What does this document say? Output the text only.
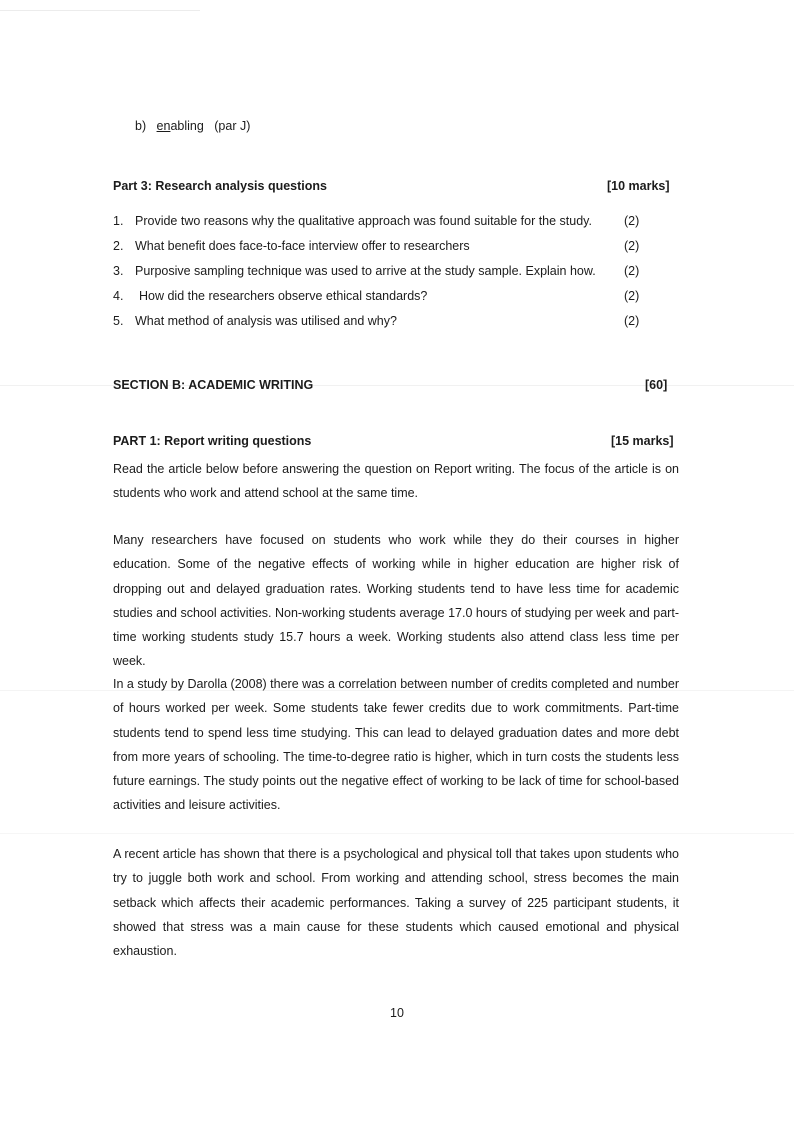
b) enabling (par J)
Part 3: Research analysis questions	[10 marks]
1. Provide two reasons why the qualitative approach was found suitable for the study.	(2)
2. What benefit does face-to-face interview offer to researchers	(2)
3. Purposive sampling technique was used to arrive at the study sample. Explain how. (2)
4. How did the researchers observe ethical standards?	(2)
5. What method of analysis was utilised and why?	(2)
SECTION B: ACADEMIC WRITING	[60]
PART 1: Report writing questions	[15 marks]
Read the article below before answering the question on Report writing. The focus of the article is on students who work and attend school at the same time.
Many researchers have focused on students who work while they do their courses in higher education. Some of the negative effects of working while in higher education are higher risk of dropping out and delayed graduation rates. Working students tend to have less time for academic studies and school activities. Non-working students average 17.0 hours of studying per week and part-time working students study 15.7 hours a week. Working students also attend class less time per week.
In a study by Darolla (2008) there was a correlation between number of credits completed and number of hours worked per week. Some students take fewer credits due to work commitments. Part-time students tend to spend less time studying. This can lead to delayed graduation dates and more debt from more years of schooling. The time-to-degree ratio is higher, which in turn costs the students less future earnings. The study points out the negative effect of working to be lack of time for school-based activities and leisure activities.
A recent article has shown that there is a psychological and physical toll that takes upon students who try to juggle both work and school. From working and attending school, stress becomes the main setback which affects their academic performances. Taking a survey of 225 participant students, it showed that stress was a main cause for these students which caused emotional and physical exhaustion.
10
